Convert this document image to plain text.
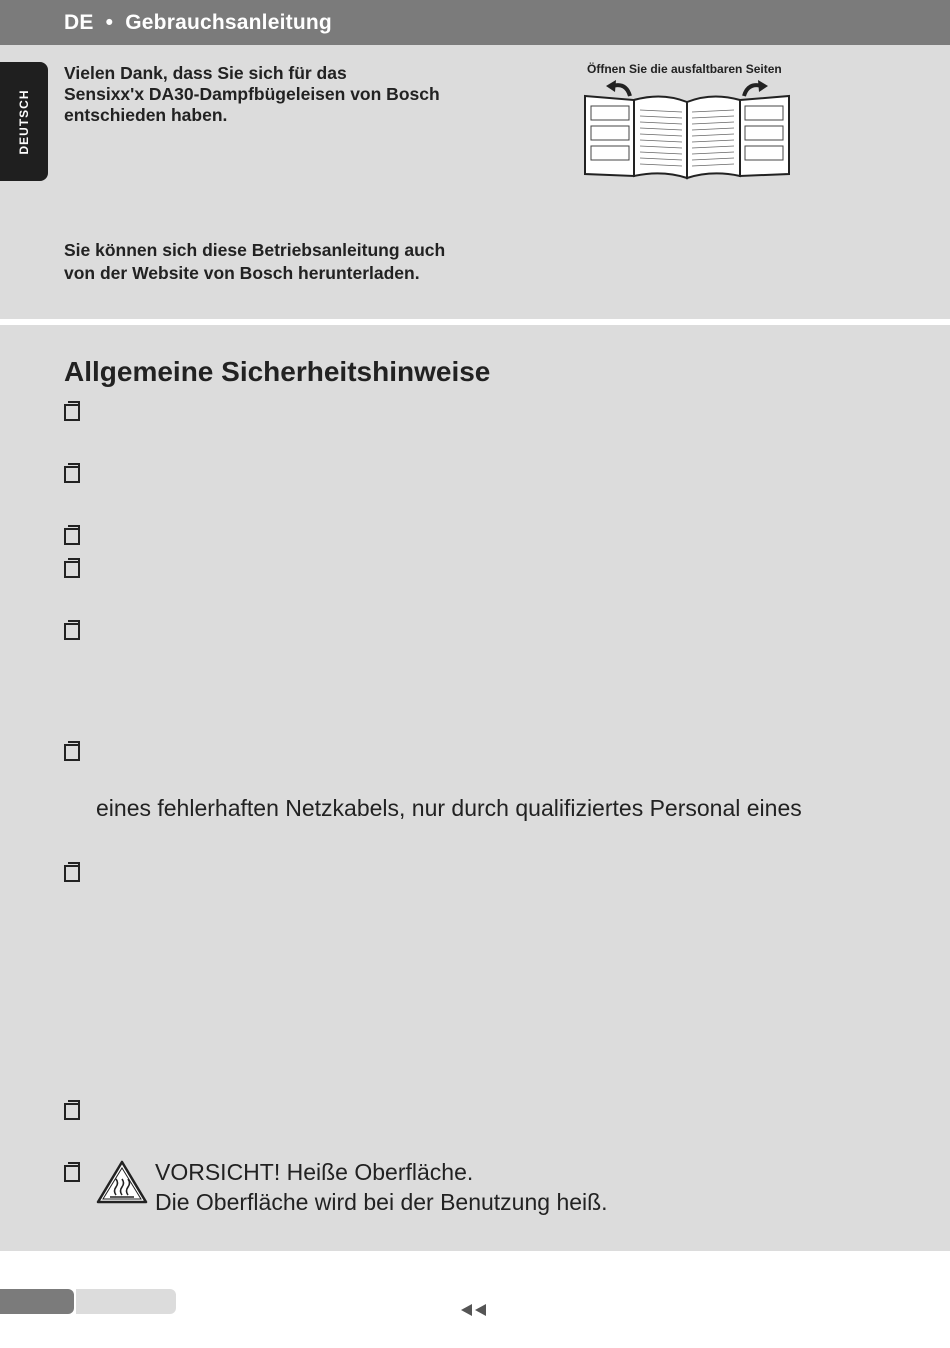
DE  •  Gebrauchsanleitung
DEUTSCH
Vielen Dank, dass Sie sich für das
Sensixx'x DA30-Dampfbügeleisen von Bosch
entschieden haben.
Öffnen Sie die ausfaltbaren Seiten
Sie können sich diese Betriebsanleitung auch
von der Website von Bosch herunterladen.
Allgemeine Sicherheitshinweise
eines fehlerhaften Netzkabels, nur durch qualifiziertes Personal eines
VORSICHT! Heiße Oberfläche.
Die Oberfläche wird bei der Benutzung heiß.
